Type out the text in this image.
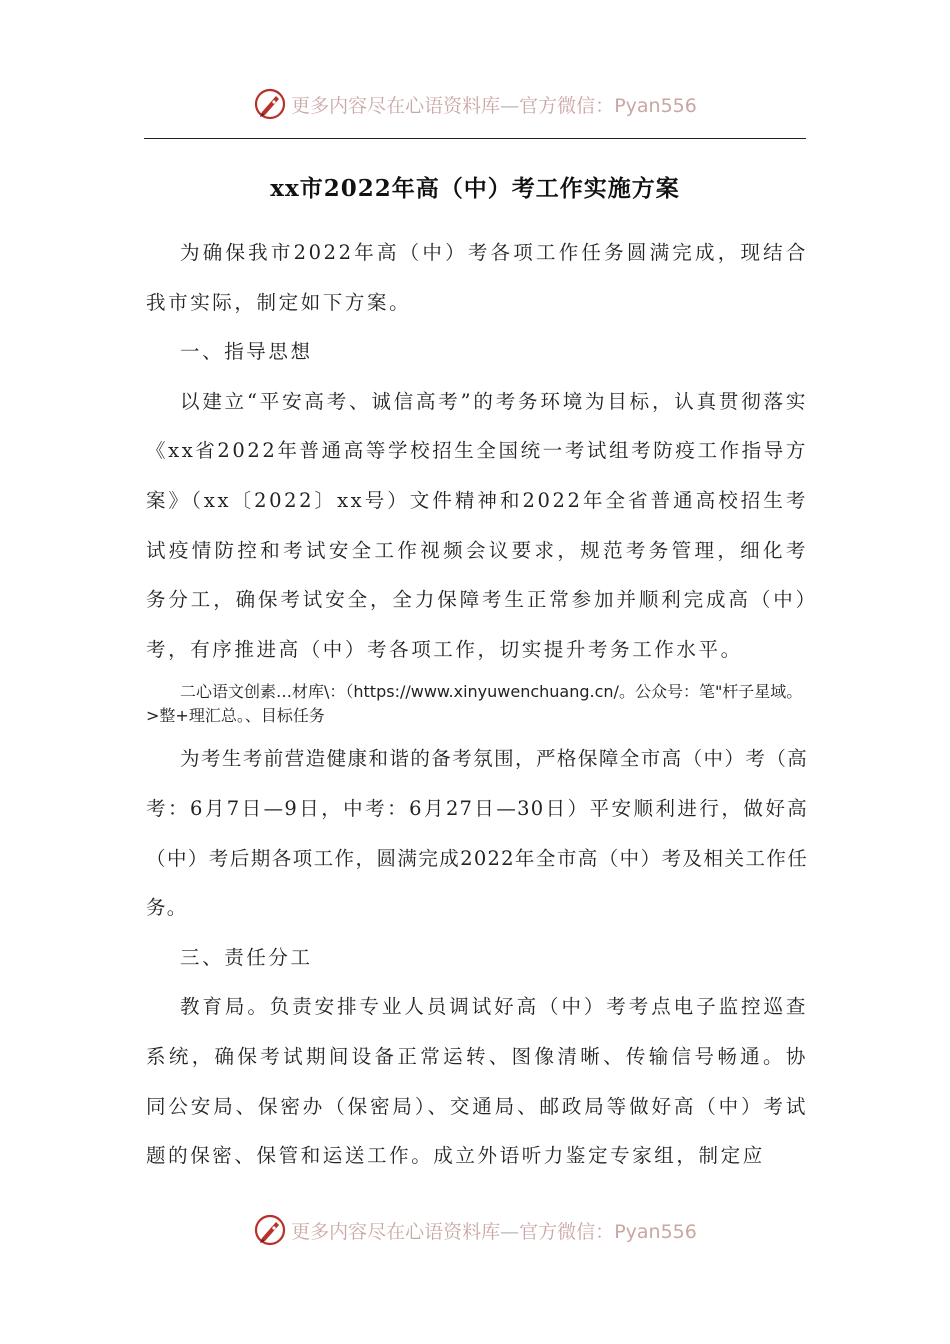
更多内容尽在心语资料库—官方微信：Pyan556
xx市2022年高（中）考工作实施方案

为确保我市2022年高（中）考各项工作任务圆满完成，现结合我市实际，制定如下方案。

一、指导思想

以建立“平安高考、诚信高考”的考务环境为目标，认真贯彻落实《xx省2022年普通高等学校招生全国统一考试组考防疫工作指导方案》（xx〔2022〕xx号）文件精神和2022年全省普通高校招生考试疫情防控和考试安全工作视频会议要求，规范考务管理，细化考务分工，确保考试安全，全力保障考生正常参加并顺利完成高（中）考，有序推进高（中）考各项工作，切实提升考务工作水平。

二心语文创素…材库\：（https://www.xinyuwenchuang.cn/。公众号：笔"杆子星域。>整+理汇总。、目标任务

为考生考前营造健康和谐的备考氛围，严格保障全市高（中）考（高考：6月7日—9日，中考：6月27日—30日）平安顺利进行，做好高（中）考后期各项工作，圆满完成2022年全市高（中）考及相关工作任务。

三、责任分工

教育局。负责安排专业人员调试好高（中）考考点电子监控巡查系统，确保考试期间设备正常运转、图像清晰、传输信号畅通。协同公安局、保密办（保密局）、交通局、邮政局等做好高（中）考试题的保密、保管和运送工作。成立外语听力鉴定专家组，制定应

更多内容尽在心语资料库—官方微信：Pyan556
